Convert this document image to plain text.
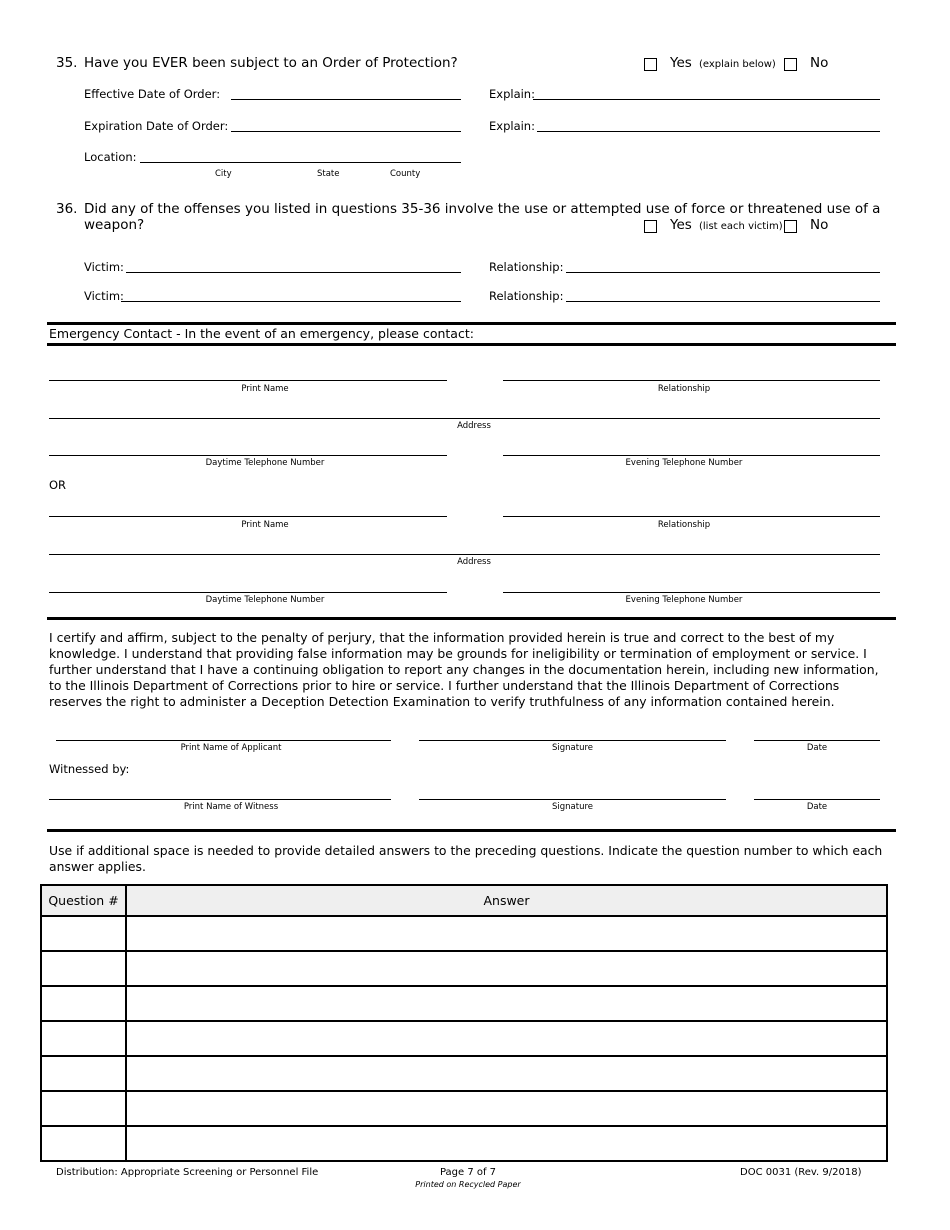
35. Have you EVER been subject to an Order of Protection?	Yes (explain below)	No
Effective Date of Order:	Explain:
Expiration Date of Order:	Explain:
Location:
City	State	County
36. Did any of the offenses you listed in questions 35-36 involve the use or attempted use of force or threatened use of a
weapon?	Yes (list each victim) No
Victim:	Relationship:
Victim:	Relationship:
Emergency Contact - In the event of an emergency, please contact:
Print Name	Relationship
Address
Daytime Telephone Number	Evening Telephone Number
OR
Print Name	Relationship
Address
Daytime Telephone Number	Evening Telephone Number
I certify and affirm, subject to the penalty of perjury, that the information provided herein is true and correct to the best of my knowledge. I understand that providing false information may be grounds for ineligibility or termination of employment or service. I further understand that I have a continuing obligation to report any changes in the documentation herein, including new information, to the Illinois Department of Corrections prior to hire or service. I further understand that the Illinois Department of Corrections reserves the right to administer a Deception Detection Examination to verify truthfulness of any information contained herein.
Print Name of Applicant	Signature	Date
Witnessed by:
Print Name of Witness	Signature	Date
Use if additional space is needed to provide detailed answers to the preceding questions. Indicate the question number to which each answer applies.
Question #	Answer

Distribution: Appropriate Screening or Personnel File	Page 7 of 7
Printed on Recycled Paper
DOC 0031 (Rev. 9/2018)
